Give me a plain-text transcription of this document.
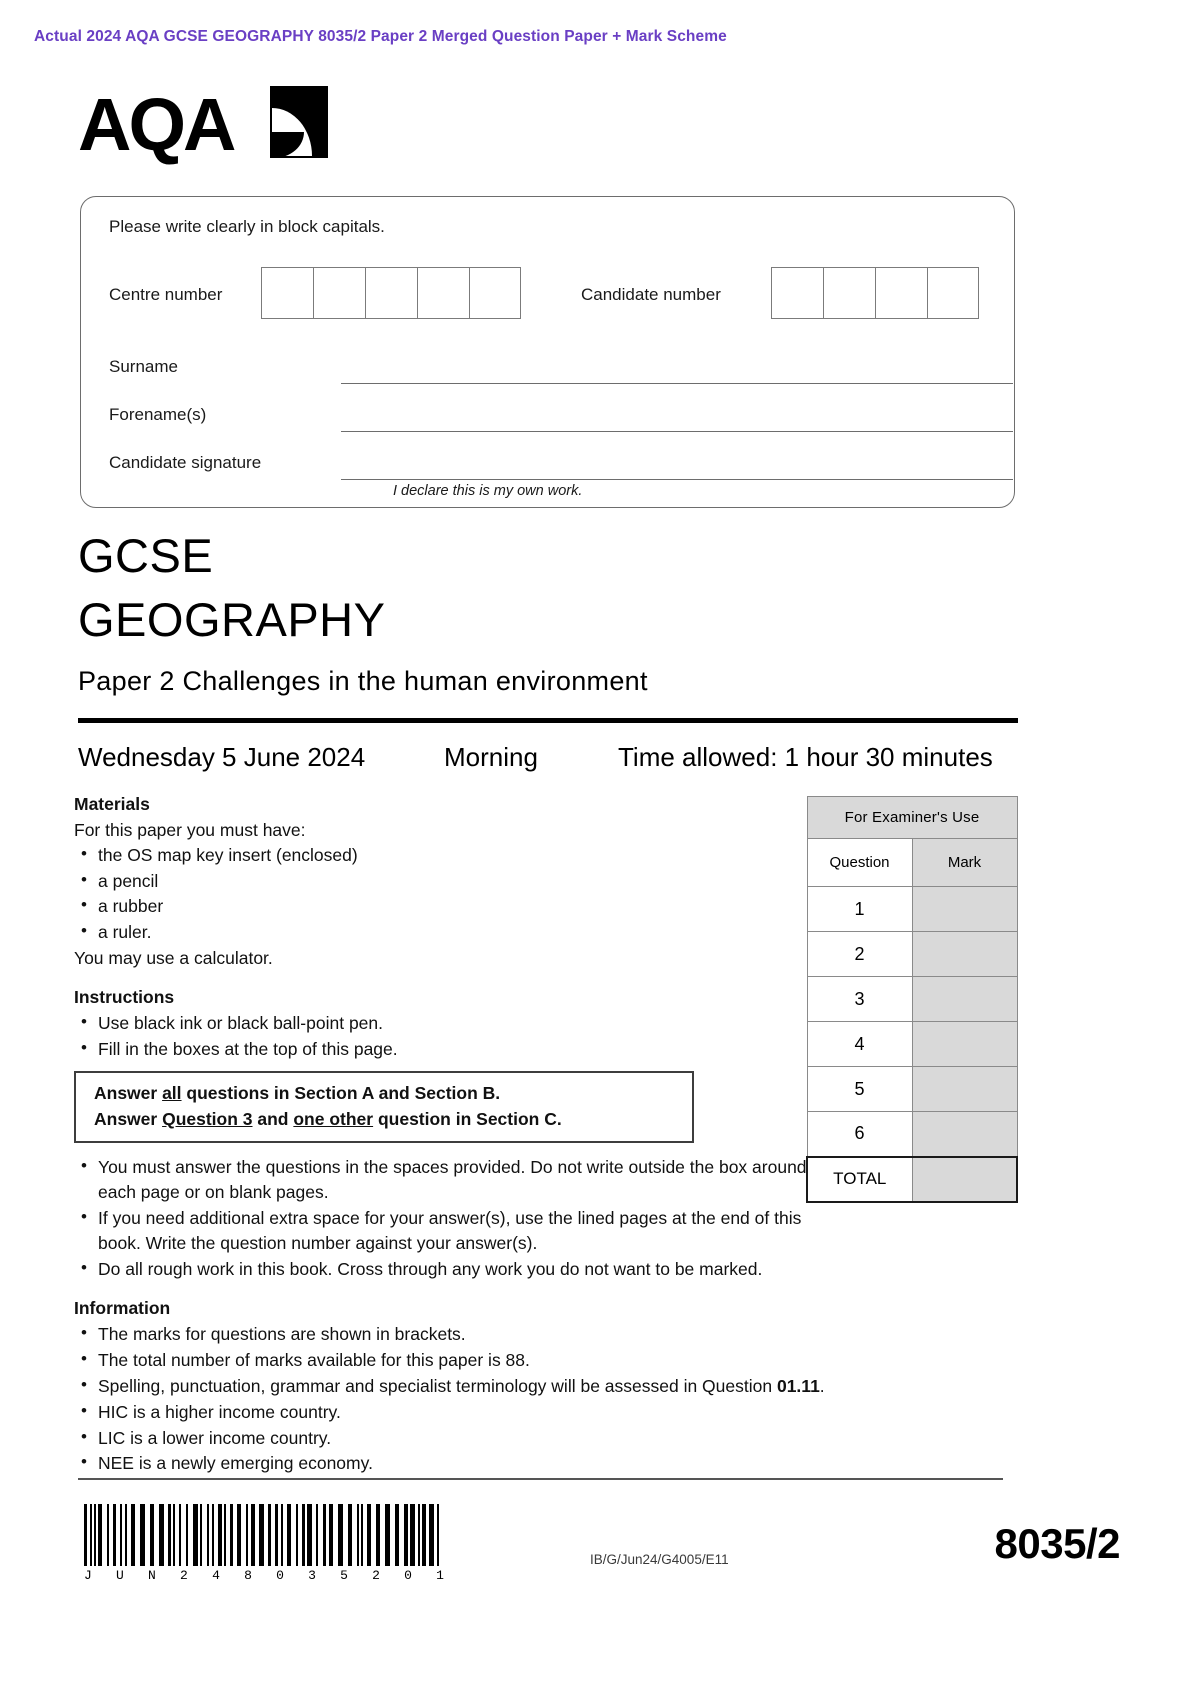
Actual 2024 AQA GCSE GEOGRAPHY 8035/2 Paper 2 Merged Question Paper + Mark Scheme
AQA
Please write clearly in block capitals.
Centre number	Candidate number
Surname
Forename(s)
Candidate signature
I declare this is my own work.
GCSE
GEOGRAPHY
Paper 2 Challenges in the human environment
Wednesday 5 June 2024	Morning	Time allowed: 1 hour 30 minutes
Materials
For this paper you must have:
• the OS map key insert (enclosed)
• a pencil
• a rubber
• a ruler.
You may use a calculator.
Instructions
• Use black ink or black ball-point pen.
• Fill in the boxes at the top of this page.
Answer all questions in Section A and Section B.
Answer Question 3 and one other question in Section C.
• You must answer the questions in the spaces provided. Do not write outside the box around each page or on blank pages.
• If you need additional extra space for your answer(s), use the lined pages at the end of this book. Write the question number against your answer(s).
• Do all rough work in this book. Cross through any work you do not want to be marked.
Information
• The marks for questions are shown in brackets.
• The total number of marks available for this paper is 88.
• Spelling, punctuation, grammar and specialist terminology will be assessed in Question 01.11.
• HIC is a higher income country.
• LIC is a lower income country.
• NEE is a newly emerging economy.
For Examiner's Use	
Question	Mark
1	
2	
3	
4	
5	
6	
TOTAL	
J U N 2 4 8 0 3 5 2 0 1
IB/G/Jun24/G4005/E11	8035/2
